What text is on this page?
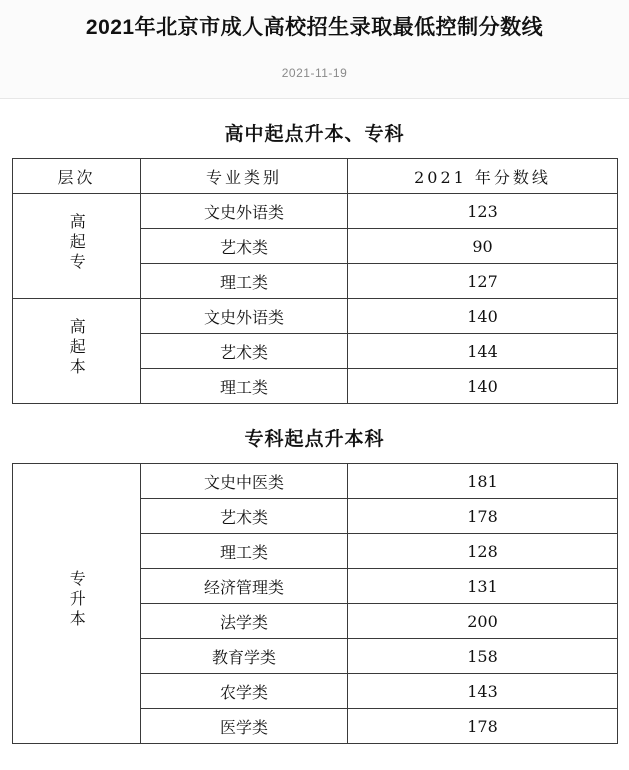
2021年北京市成人高校招生录取最低控制分数线
2021-11-19
高中起点升本、专科
层次	专业类别	2021 年分数线
高起专	文史外语类	123
	艺术类	90
	理工类	127
高起本	文史外语类	140
	艺术类	144
	理工类	140
专科起点升本科
专升本	文史中医类	181
	艺术类	178
	理工类	128
	经济管理类	131
	法学类	200
	教育学类	158
	农学类	143
	医学类	178
